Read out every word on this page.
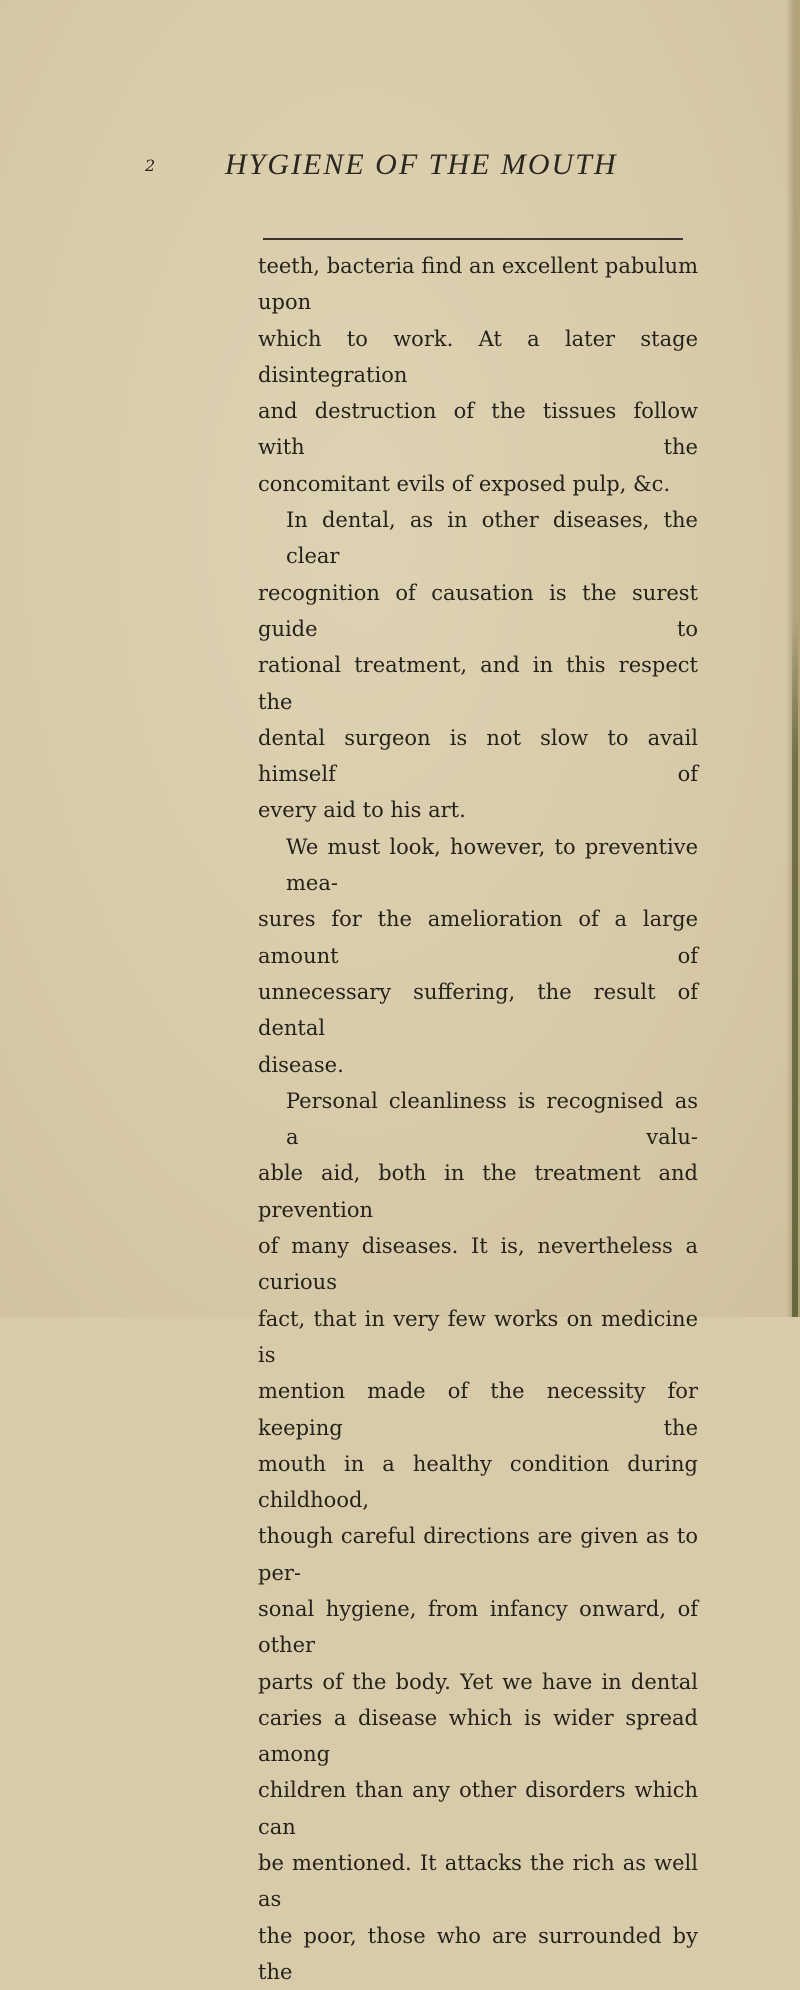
2 HYGIENE OF THE MOUTH
teeth, bacteria find an excellent pabulum upon
which to work. At a later stage disintegration
and destruction of the tissues follow with the
concomitant evils of exposed pulp, &c.
In dental, as in other diseases, the clear
recognition of causation is the surest guide to
rational treatment, and in this respect the
dental surgeon is not slow to avail himself of
every aid to his art.
We must look, however, to preventive mea-
sures for the amelioration of a large amount of
unnecessary suffering, the result of dental
disease.
Personal cleanliness is recognised as a valu-
able aid, both in the treatment and prevention
of many diseases. It is, nevertheless a curious
fact, that in very few works on medicine is
mention made of the necessity for keeping the
mouth in a healthy condition during childhood,
though careful directions are given as to per-
sonal hygiene, from infancy onward, of other
parts of the body. Yet we have in dental
caries a disease which is wider spread among
children than any other disorders which can
be mentioned. It attacks the rich as well as
the poor, those who are surrounded by the
